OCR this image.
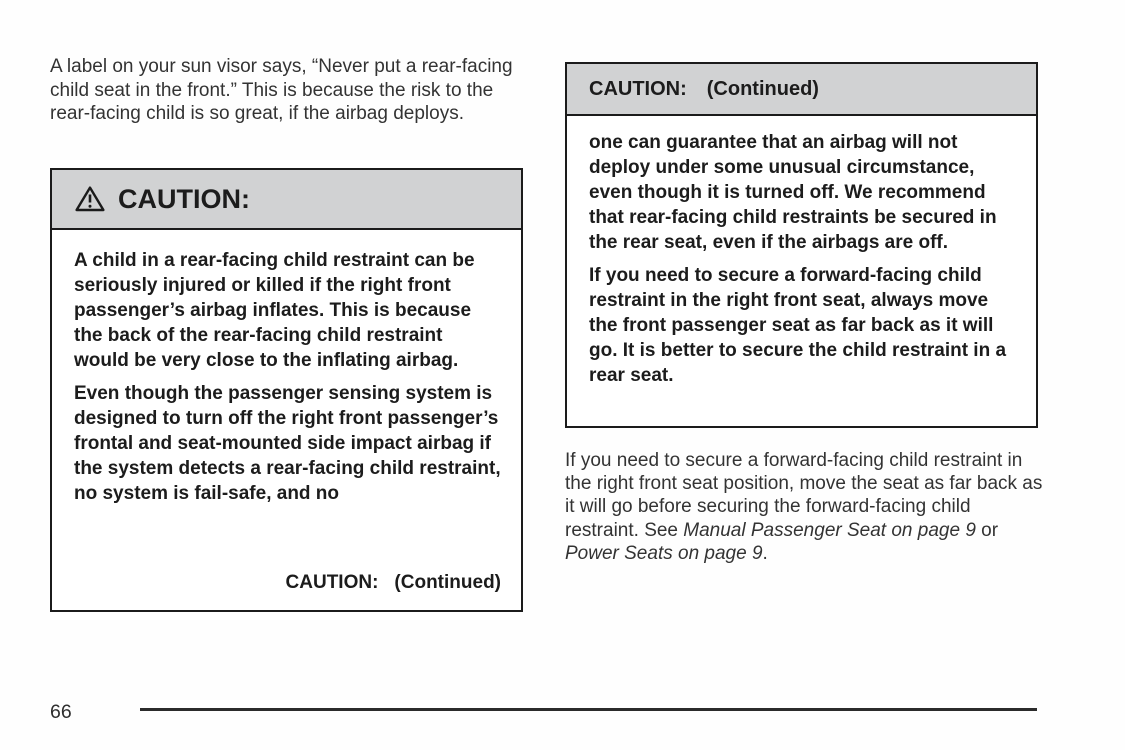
A label on your sun visor says, “Never put a rear-facing child seat in the front.” This is because the risk to the rear-facing child is so great, if the airbag deploys.

CAUTION:

A child in a rear-facing child restraint can be seriously injured or killed if the right front passenger’s airbag inflates. This is because the back of the rear-facing child restraint would be very close to the inflating airbag.

Even though the passenger sensing system is designed to turn off the right front passenger’s frontal and seat-mounted side impact airbag if the system detects a rear-facing child restraint, no system is fail-safe, and no

CAUTION: (Continued)
CAUTION: (Continued)

one can guarantee that an airbag will not deploy under some unusual circumstance, even though it is turned off. We recommend that rear-facing child restraints be secured in the rear seat, even if the airbags are off.

If you need to secure a forward-facing child restraint in the right front seat, always move the front passenger seat as far back as it will go. It is better to secure the child restraint in a rear seat.

If you need to secure a forward-facing child restraint in the right front seat position, move the seat as far back as it will go before securing the forward-facing child restraint. See Manual Passenger Seat on page 9 or Power Seats on page 9.

66
